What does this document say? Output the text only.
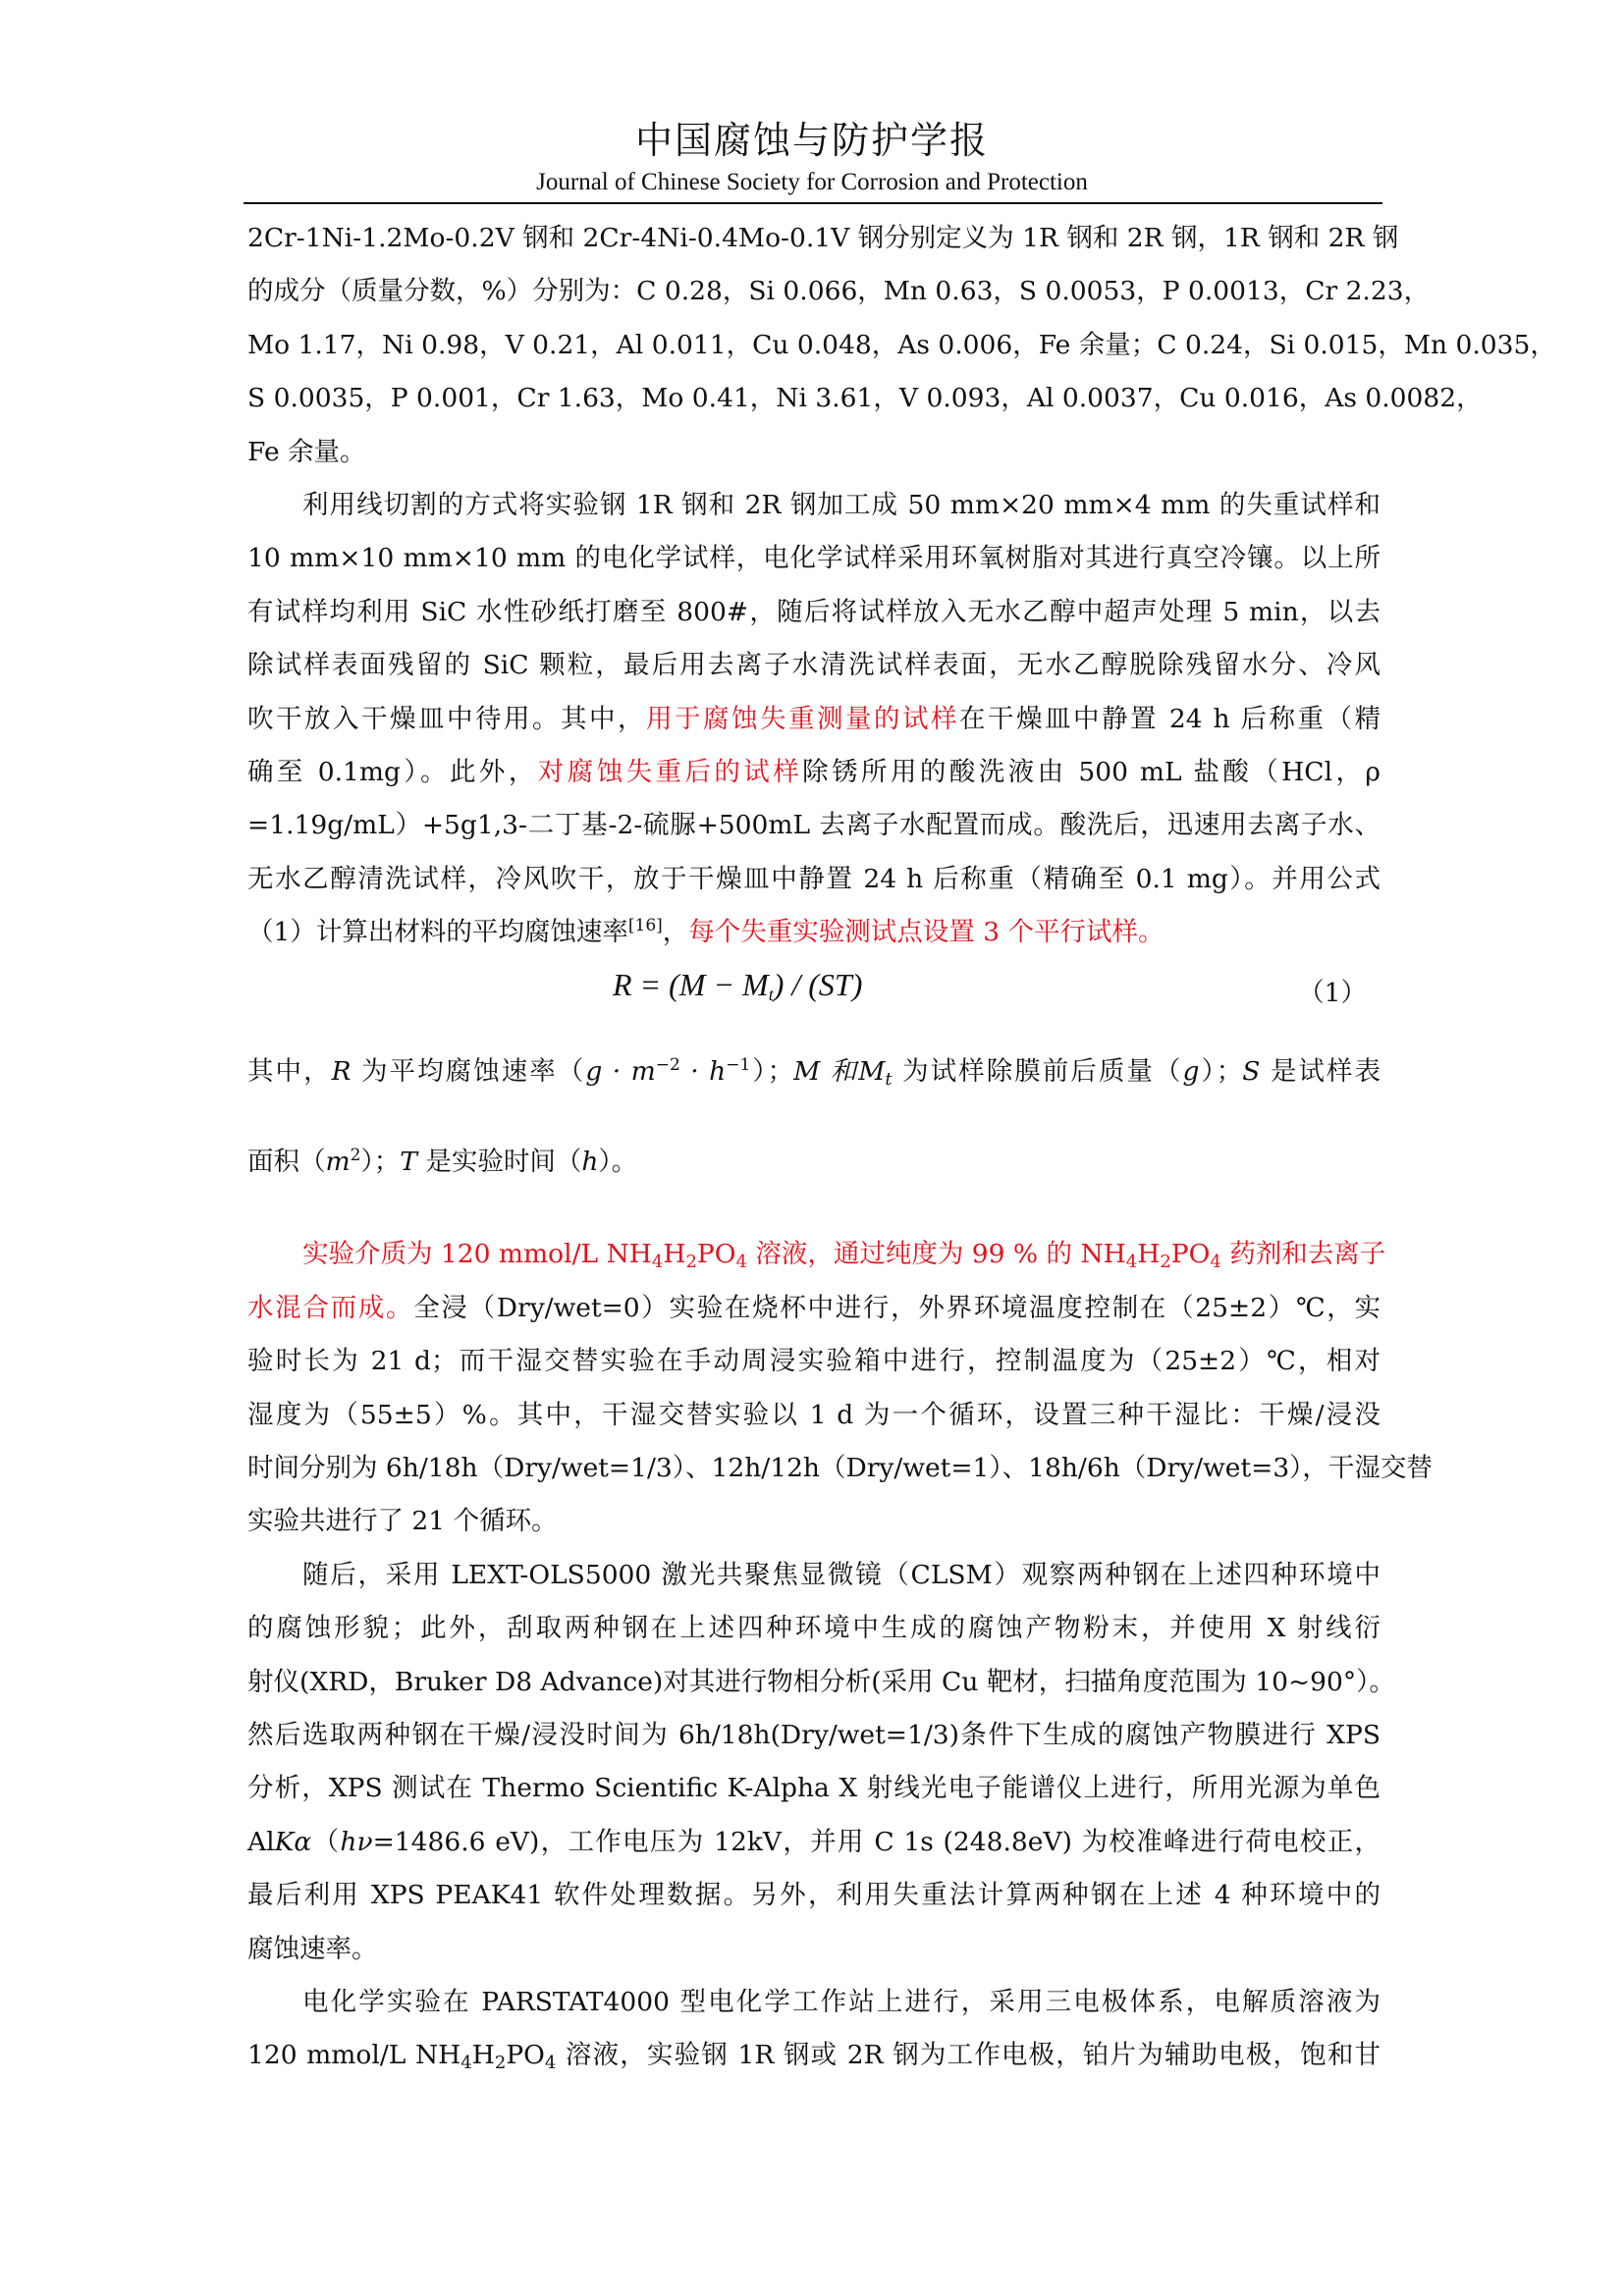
中国腐蚀与防护学报
Journal of Chinese Society for Corrosion and Protection
2Cr-1Ni-1.2Mo-0.2V 钢和 2Cr-4Ni-0.4Mo-0.1V 钢分别定义为 1R 钢和 2R 钢，1R 钢和 2R 钢
的成分（质量分数，%）分别为：C 0.28，Si 0.066，Mn 0.63，S 0.0053，P 0.0013，Cr 2.23，
Mo 1.17，Ni 0.98，V 0.21，Al 0.011，Cu 0.048，As 0.006，Fe 余量；C 0.24，Si 0.015，Mn 0.035，
S 0.0035，P 0.001，Cr 1.63，Mo 0.41，Ni 3.61，V 0.093，Al 0.0037，Cu 0.016，As 0.0082，
Fe 余量。
利用线切割的方式将实验钢 1R 钢和 2R 钢加工成 50 mm×20 mm×4 mm 的失重试样和
10 mm×10 mm×10 mm 的电化学试样，电化学试样采用环氧树脂对其进行真空冷镶。以上所
有试样均利用 SiC 水性砂纸打磨至 800#，随后将试样放入无水乙醇中超声处理 5 min，以去
除试样表面残留的 SiC 颗粒，最后用去离子水清洗试样表面，无水乙醇脱除残留水分、冷风
吹干放入干燥皿中待用。其中，用于腐蚀失重测量的试样在干燥皿中静置 24 h 后称重（精
确至 0.1mg）。此外，对腐蚀失重后的试样除锈所用的酸洗液由 500 mL 盐酸（HCl，ρ
=1.19g/mL）+5g1,3-二丁基-2-硫脲+500mL 去离子水配置而成。酸洗后，迅速用去离子水、
无水乙醇清洗试样，冷风吹干，放于干燥皿中静置 24 h 后称重（精确至 0.1 mg）。并用公式
（1）计算出材料的平均腐蚀速率[16]，每个失重实验测试点设置 3 个平行试样。
$R = (M - M_t) / (ST)$	（1）
其中，R 为平均腐蚀速率$(g \cdot m^{-2} \cdot h^{-1})$；M 和$M_t$ 为试样除膜前后质量（g）；S 是试样表
面积$(m^2)$；T 是实验时间（h）。
实验介质为 120 mmol/L $NH_4H_2PO_4$ 溶液，通过纯度为 99 % 的 $NH_4H_2PO_4$ 药剂和去离子
水混合而成。全浸（Dry/wet=0）实验在烧杯中进行，外界环境温度控制在（25±2）℃，实
验时长为 21 d；而干湿交替实验在手动周浸实验箱中进行，控制温度为（25±2）℃，相对
湿度为（55±5）%。其中，干湿交替实验以 1 d 为一个循环，设置三种干湿比：干燥/浸没
时间分别为 6h/18h（Dry/wet=1/3）、12h/12h（Dry/wet=1）、18h/6h（Dry/wet=3），干湿交替
实验共进行了 21 个循环。
随后，采用 LEXT-OLS5000 激光共聚焦显微镜（CLSM）观察两种钢在上述四种环境中
的腐蚀形貌；此外，刮取两种钢在上述四种环境中生成的腐蚀产物粉末，并使用 X 射线衍
射仪(XRD，Bruker D8 Advance)对其进行物相分析(采用 Cu 靶材，扫描角度范围为 10~90°）。
然后选取两种钢在干燥/浸没时间为 6h/18h(Dry/wet=1/3)条件下生成的腐蚀产物膜进行 XPS
分析，XPS 测试在 Thermo Scientific K-Alpha X 射线光电子能谱仪上进行，所用光源为单色
AlKα（hν=1486.6 eV)，工作电压为 12kV，并用 C 1s (248.8eV) 为校准峰进行荷电校正，
最后利用 XPS PEAK41 软件处理数据。另外，利用失重法计算两种钢在上述 4 种环境中的
腐蚀速率。
电化学实验在 PARSTAT4000 型电化学工作站上进行，采用三电极体系，电解质溶液为
120 mmol/L $NH_4H_2PO_4$ 溶液，实验钢 1R 钢或 2R 钢为工作电极，铂片为辅助电极，饱和甘
